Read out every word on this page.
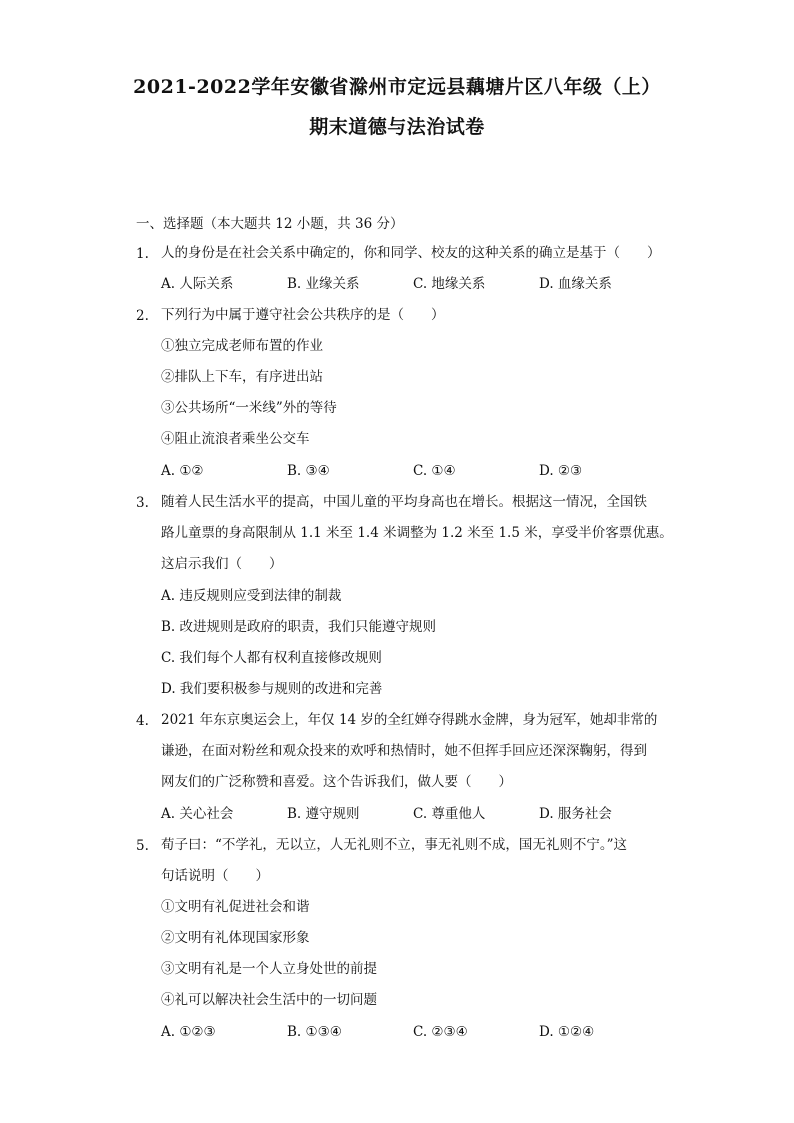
2021-2022学年安徽省滁州市定远县藕塘片区八年级（上）
期末道德与法治试卷
一、选择题（本大题共 12 小题，共 36 分）
1. 人的身份是在社会关系中确定的，你和同学、校友的这种关系的确立是基于（　　）
A. 人际关系	B. 业缘关系	C. 地缘关系	D. 血缘关系
2. 下列行为中属于遵守社会公共秩序的是（　　）
①独立完成老师布置的作业
②排队上下车，有序进出站
③公共场所“一米线”外的等待
④阻止流浪者乘坐公交车
A. ①②	B. ③④	C. ①④	D. ②③
3. 随着人民生活水平的提高，中国儿童的平均身高也在增长。根据这一情况，全国铁
路儿童票的身高限制从 1.1 米至 1.4 米调整为 1.2 米至 1.5 米，享受半价客票优惠。
这启示我们（　　）
A. 违反规则应受到法律的制裁
B. 改进规则是政府的职责，我们只能遵守规则
C. 我们每个人都有权利直接修改规则
D. 我们要积极参与规则的改进和完善
4. 2021 年东京奥运会上，年仅 14 岁的全红婵夺得跳水金牌，身为冠军，她却非常的
谦逊，在面对粉丝和观众投来的欢呼和热情时，她不但挥手回应还深深鞠躬，得到
网友们的广泛称赞和喜爱。这个告诉我们，做人要（　　）
A. 关心社会	B. 遵守规则	C. 尊重他人	D. 服务社会
5. 荀子曰：“不学礼，无以立，人无礼则不立，事无礼则不成，国无礼则不宁。”这
句话说明（　　）
①文明有礼促进社会和谐
②文明有礼体现国家形象
③文明有礼是一个人立身处世的前提
④礼可以解决社会生活中的一切问题
A. ①②③	B. ①③④	C. ②③④	D. ①②④
